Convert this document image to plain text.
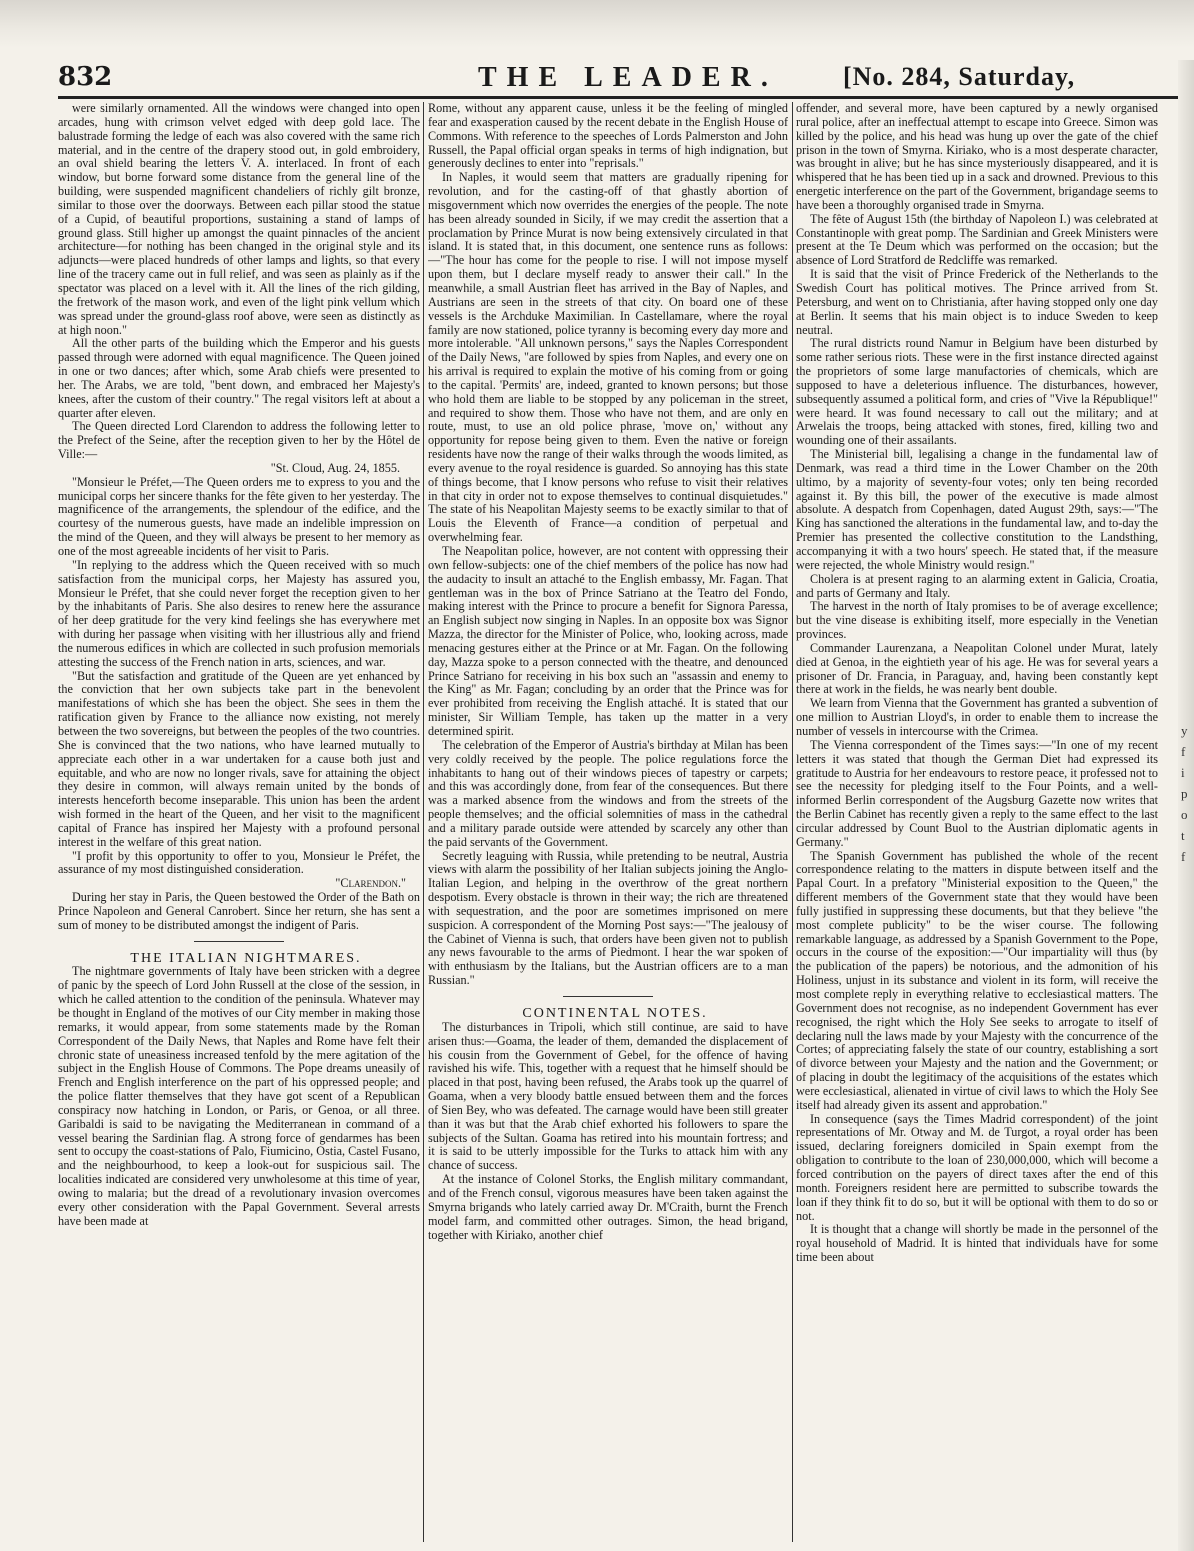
832	THE LEADER.	[No. 284, Saturday,

were similarly ornamented. All the windows were changed into open arcades, hung with crimson velvet edged with deep gold lace. The balustrade forming the ledge of each was also covered with the same rich material, and in the centre of the drapery stood out, in gold embroidery, an oval shield bearing the letters V. A. interlaced. In front of each window, but borne forward some distance from the general line of the building, were suspended magnificent chandeliers of richly gilt bronze, similar to those over the doorways. Between each pillar stood the statue of a Cupid, of beautiful proportions, sustaining a stand of lamps of ground glass. Still higher up amongst the quaint pinnacles of the ancient architecture—for nothing has been changed in the original style and its adjuncts—were placed hundreds of other lamps and lights, so that every line of the tracery came out in full relief, and was seen as plainly as if the spectator was placed on a level with it. All the lines of the rich gilding, the fretwork of the mason work, and even of the light pink vellum which was spread under the ground-glass roof above, were seen as distinctly as at high noon."

All the other parts of the building which the Emperor and his guests passed through were adorned with equal magnificence. The Queen joined in one or two dances; after which, some Arab chiefs were presented to her. The Arabs, we are told, "bent down, and embraced her Majesty's knees, after the custom of their country." The regal visitors left at about a quarter after eleven.

The Queen directed Lord Clarendon to address the following letter to the Prefect of the Seine, after the reception given to her by the Hôtel de Ville:—

"St. Cloud, Aug. 24, 1855.

"Monsieur le Préfet,—The Queen orders me to express to you and the municipal corps her sincere thanks for the fête given to her yesterday. The magnificence of the arrangements, the splendour of the edifice, and the courtesy of the numerous guests, have made an indelible impression on the mind of the Queen, and they will always be present to her memory as one of the most agreeable incidents of her visit to Paris.

"In replying to the address which the Queen received with so much satisfaction from the municipal corps, her Majesty has assured you, Monsieur le Préfet, that she could never forget the reception given to her by the inhabitants of Paris. She also desires to renew here the assurance of her deep gratitude for the very kind feelings she has everywhere met with during her passage when visiting with her illustrious ally and friend the numerous edifices in which are collected in such profusion memorials attesting the success of the French nation in arts, sciences, and war.

"But the satisfaction and gratitude of the Queen are yet enhanced by the conviction that her own subjects take part in the benevolent manifestations of which she has been the object. She sees in them the ratification given by France to the alliance now existing, not merely between the two sovereigns, but between the peoples of the two countries. She is convinced that the two nations, who have learned mutually to appreciate each other in a war undertaken for a cause both just and equitable, and who are now no longer rivals, save for attaining the object they desire in common, will always remain united by the bonds of interests henceforth become inseparable. This union has been the ardent wish formed in the heart of the Queen, and her visit to the magnificent capital of France has inspired her Majesty with a profound personal interest in the welfare of this great nation.

"I profit by this opportunity to offer to you, Monsieur le Préfet, the assurance of my most distinguished consideration.

"Clarendon."

During her stay in Paris, the Queen bestowed the Order of the Bath on Prince Napoleon and General Canrobert. Since her return, she has sent a sum of money to be distributed amongst the indigent of Paris.

THE ITALIAN NIGHTMARES.

The nightmare governments of Italy have been stricken with a degree of panic by the speech of Lord John Russell at the close of the session, in which he called attention to the condition of the peninsula. Whatever may be thought in England of the motives of our City member in making those remarks, it would appear, from some statements made by the Roman Correspondent of the Daily News, that Naples and Rome have felt their chronic state of uneasiness increased tenfold by the mere agitation of the subject in the English House of Commons. The Pope dreams uneasily of French and English interference on the part of his oppressed people; and the police flatter themselves that they have got scent of a Republican conspiracy now hatching in London, or Paris, or Genoa, or all three. Garibaldi is said to be navigating the Mediterranean in command of a vessel bearing the Sardinian flag. A strong force of gendarmes has been sent to occupy the coast-stations of Palo, Fiumicino, Ostia, Castel Fusano, and the neighbourhood, to keep a look-out for suspicious sail. The localities indicated are considered very unwholesome at this time of year, owing to malaria; but the dread of a revolutionary invasion overcomes every other consideration with the Papal Government. Several arrests have been made at

Rome, without any apparent cause, unless it be the feeling of mingled fear and exasperation caused by the recent debate in the English House of Commons. With reference to the speeches of Lords Palmerston and John Russell, the Papal official organ speaks in terms of high indignation, but generously declines to enter into "reprisals."

In Naples, it would seem that matters are gradually ripening for revolution, and for the casting-off of that ghastly abortion of misgovernment which now overrides the energies of the people. The note has been already sounded in Sicily, if we may credit the assertion that a proclamation by Prince Murat is now being extensively circulated in that island. It is stated that, in this document, one sentence runs as follows:—"The hour has come for the people to rise. I will not impose myself upon them, but I declare myself ready to answer their call." In the meanwhile, a small Austrian fleet has arrived in the Bay of Naples, and Austrians are seen in the streets of that city. On board one of these vessels is the Archduke Maximilian. In Castellamare, where the royal family are now stationed, police tyranny is becoming every day more and more intolerable. "All unknown persons," says the Naples Correspondent of the Daily News, "are followed by spies from Naples, and every one on his arrival is required to explain the motive of his coming from or going to the capital. 'Permits' are, indeed, granted to known persons; but those who hold them are liable to be stopped by any policeman in the street, and required to show them. Those who have not them, and are only en route, must, to use an old police phrase, 'move on,' without any opportunity for repose being given to them. Even the native or foreign residents have now the range of their walks through the woods limited, as every avenue to the royal residence is guarded. So annoying has this state of things become, that I know persons who refuse to visit their relatives in that city in order not to expose themselves to continual disquietudes." The state of his Neapolitan Majesty seems to be exactly similar to that of Louis the Eleventh of France—a condition of perpetual and overwhelming fear.

The Neapolitan police, however, are not content with oppressing their own fellow-subjects: one of the chief members of the police has now had the audacity to insult an attaché to the English embassy, Mr. Fagan. That gentleman was in the box of Prince Satriano at the Teatro del Fondo, making interest with the Prince to procure a benefit for Signora Paressa, an English subject now singing in Naples. In an opposite box was Signor Mazza, the director for the Minister of Police, who, looking across, made menacing gestures either at the Prince or at Mr. Fagan. On the following day, Mazza spoke to a person connected with the theatre, and denounced Prince Satriano for receiving in his box such an "assassin and enemy to the King" as Mr. Fagan; concluding by an order that the Prince was for ever prohibited from receiving the English attaché. It is stated that our minister, Sir William Temple, has taken up the matter in a very determined spirit.

The celebration of the Emperor of Austria's birthday at Milan has been very coldly received by the people. The police regulations force the inhabitants to hang out of their windows pieces of tapestry or carpets; and this was accordingly done, from fear of the consequences. But there was a marked absence from the windows and from the streets of the people themselves; and the official solemnities of mass in the cathedral and a military parade outside were attended by scarcely any other than the paid servants of the Government.

Secretly leaguing with Russia, while pretending to be neutral, Austria views with alarm the possibility of her Italian subjects joining the Anglo-Italian Legion, and helping in the overthrow of the great northern despotism. Every obstacle is thrown in their way; the rich are threatened with sequestration, and the poor are sometimes imprisoned on mere suspicion. A correspondent of the Morning Post says:—"The jealousy of the Cabinet of Vienna is such, that orders have been given not to publish any news favourable to the arms of Piedmont. I hear the war spoken of with enthusiasm by the Italians, but the Austrian officers are to a man Russian."

CONTINENTAL NOTES.

The disturbances in Tripoli, which still continue, are said to have arisen thus:—Goama, the leader of them, demanded the displacement of his cousin from the Government of Gebel, for the offence of having ravished his wife. This, together with a request that he himself should be placed in that post, having been refused, the Arabs took up the quarrel of Goama, when a very bloody battle ensued between them and the forces of Sien Bey, who was defeated. The carnage would have been still greater than it was but that the Arab chief exhorted his followers to spare the subjects of the Sultan. Goama has retired into his mountain fortress; and it is said to be utterly impossible for the Turks to attack him with any chance of success.

At the instance of Colonel Storks, the English military commandant, and of the French consul, vigorous measures have been taken against the Smyrna brigands who lately carried away Dr. M'Craith, burnt the French model farm, and committed other outrages. Simon, the head brigand, together with Kiriako, another chief

offender, and several more, have been captured by a newly organised rural police, after an ineffectual attempt to escape into Greece. Simon was killed by the police, and his head was hung up over the gate of the chief prison in the town of Smyrna. Kiriako, who is a most desperate character, was brought in alive; but he has since mysteriously disappeared, and it is whispered that he has been tied up in a sack and drowned. Previous to this energetic interference on the part of the Government, brigandage seems to have been a thoroughly organised trade in Smyrna.

The fête of August 15th (the birthday of Napoleon I.) was celebrated at Constantinople with great pomp. The Sardinian and Greek Ministers were present at the Te Deum which was performed on the occasion; but the absence of Lord Stratford de Redcliffe was remarked.

It is said that the visit of Prince Frederick of the Netherlands to the Swedish Court has political motives. The Prince arrived from St. Petersburg, and went on to Christiania, after having stopped only one day at Berlin. It seems that his main object is to induce Sweden to keep neutral.

The rural districts round Namur in Belgium have been disturbed by some rather serious riots. These were in the first instance directed against the proprietors of some large manufactories of chemicals, which are supposed to have a deleterious influence. The disturbances, however, subsequently assumed a political form, and cries of "Vive la République!" were heard. It was found necessary to call out the military; and at Arwelais the troops, being attacked with stones, fired, killing two and wounding one of their assailants.

The Ministerial bill, legalising a change in the fundamental law of Denmark, was read a third time in the Lower Chamber on the 20th ultimo, by a majority of seventy-four votes; only ten being recorded against it. By this bill, the power of the executive is made almost absolute. A despatch from Copenhagen, dated August 29th, says:—"The King has sanctioned the alterations in the fundamental law, and to-day the Premier has presented the collective constitution to the Landsthing, accompanying it with a two hours' speech. He stated that, if the measure were rejected, the whole Ministry would resign."

Cholera is at present raging to an alarming extent in Galicia, Croatia, and parts of Germany and Italy.

The harvest in the north of Italy promises to be of average excellence; but the vine disease is exhibiting itself, more especially in the Venetian provinces.

Commander Laurenzana, a Neapolitan Colonel under Murat, lately died at Genoa, in the eightieth year of his age. He was for several years a prisoner of Dr. Francia, in Paraguay, and, having been constantly kept there at work in the fields, he was nearly bent double.

We learn from Vienna that the Government has granted a subvention of one million to Austrian Lloyd's, in order to enable them to increase the number of vessels in intercourse with the Crimea.

The Vienna correspondent of the Times says:—"In one of my recent letters it was stated that though the German Diet had expressed its gratitude to Austria for her endeavours to restore peace, it professed not to see the necessity for pledging itself to the Four Points, and a well-informed Berlin correspondent of the Augsburg Gazette now writes that the Berlin Cabinet has recently given a reply to the same effect to the last circular addressed by Count Buol to the Austrian diplomatic agents in Germany."

The Spanish Government has published the whole of the recent correspondence relating to the matters in dispute between itself and the Papal Court. In a prefatory "Ministerial exposition to the Queen," the different members of the Government state that they would have been fully justified in suppressing these documents, but that they believe "the most complete publicity" to be the wiser course. The following remarkable language, as addressed by a Spanish Government to the Pope, occurs in the course of the exposition:—"Our impartiality will thus (by the publication of the papers) be notorious, and the admonition of his Holiness, unjust in its substance and violent in its form, will receive the most complete reply in everything relative to ecclesiastical matters. The Government does not recognise, as no independent Government has ever recognised, the right which the Holy See seeks to arrogate to itself of declaring null the laws made by your Majesty with the concurrence of the Cortes; of appreciating falsely the state of our country, establishing a sort of divorce between your Majesty and the nation and the Government; or of placing in doubt the legitimacy of the acquisitions of the estates which were ecclesiastical, alienated in virtue of civil laws to which the Holy See itself had already given its assent and approbation."

In consequence (says the Times Madrid correspondent) of the joint representations of Mr. Otway and M. de Turgot, a royal order has been issued, declaring foreigners domiciled in Spain exempt from the obligation to contribute to the loan of 230,000,000, which will become a forced contribution on the payers of direct taxes after the end of this month. Foreigners resident here are permitted to subscribe towards the loan if they think fit to do so, but it will be optional with them to do so or not.

It is thought that a change will shortly be made in the personnel of the royal household of Madrid. It is hinted that individuals have for some time been about

y
f
i
p
o
t
f
